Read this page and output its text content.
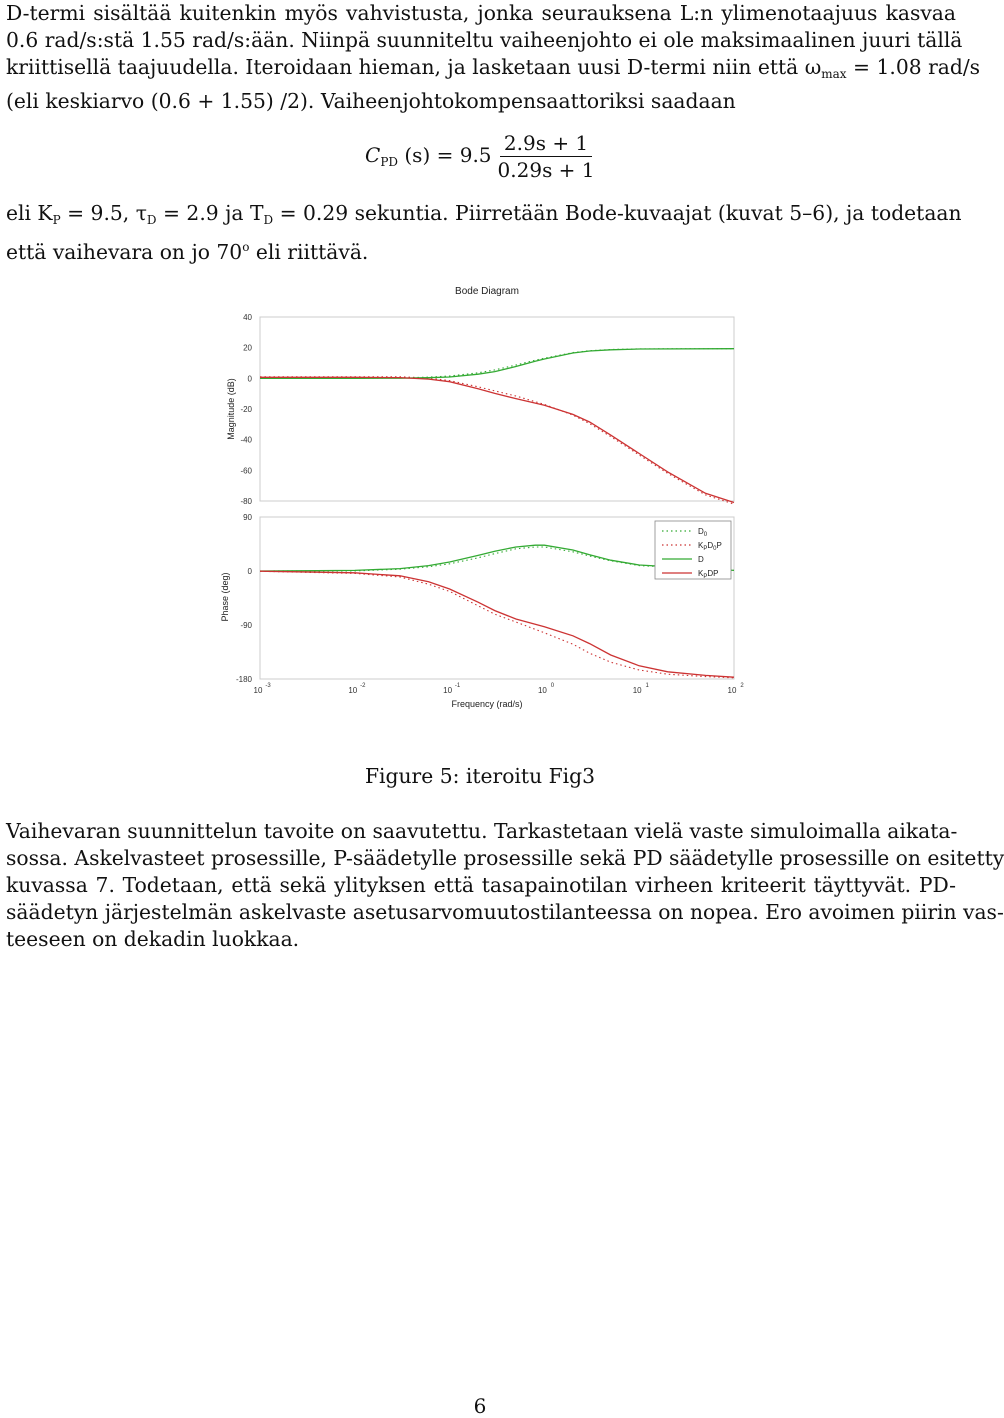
D-termi sisältää kuitenkin myös vahvistusta, jonka seurauksena L:n ylimenotaajuus kasvaa
0.6 rad/s:stä 1.55 rad/s:ään. Niinpä suunniteltu vaiheenjohto ei ole maksimaalinen juuri tällä
kriittisellä taajuudella. Iteroidaan hieman, ja lasketaan uusi D-termi niin että $\omega_{max} = 1.08$ rad/s
(eli keskiarvo (0.6 + 1.55) /2). Vaiheenjohtokompensaattoriksi saadaan
$C_{PD}$ $(s) = 9.5 \frac{2.9s + 1}{0.29s + 1}$
eli $K_P = 9.5$, $\tau_D = 2.9$ ja $T_D = 0.29$ sekuntia. Piirretään Bode-kuvaajat (kuvat 5–6), ja todetaan
että vaihevara on jo 70$^o$ eli riittävä.
Bode Diagram
40
20
0
-20
-40
-60
-80
Magnitude (dB)
90
0
-90
-180
Phase (deg)
10 -3	10 -2	10 -1	10 0	10 1	10 2
Frequency (rad/s)
$D_0$
$K_PD_0P$
D
$K_PDP$
Figure 5: iteroitu Fig3
Vaihevaran suunnittelun tavoite on saavutettu. Tarkastetaan vielä vaste simuloimalla aikata-
sossa. Askelvasteet prosessille, P-säädetylle prosessille sekä PD säädetylle prosessille on esitetty
kuvassa 7. Todetaan, että sekä ylityksen että tasapainotilan virheen kriteerit täyttyvät. PD-
säädetyn järjestelmän askelvaste asetusarvomuutostilanteessa on nopea. Ero avoimen piirin vas-
teeseen on dekadin luokkaa.
6
